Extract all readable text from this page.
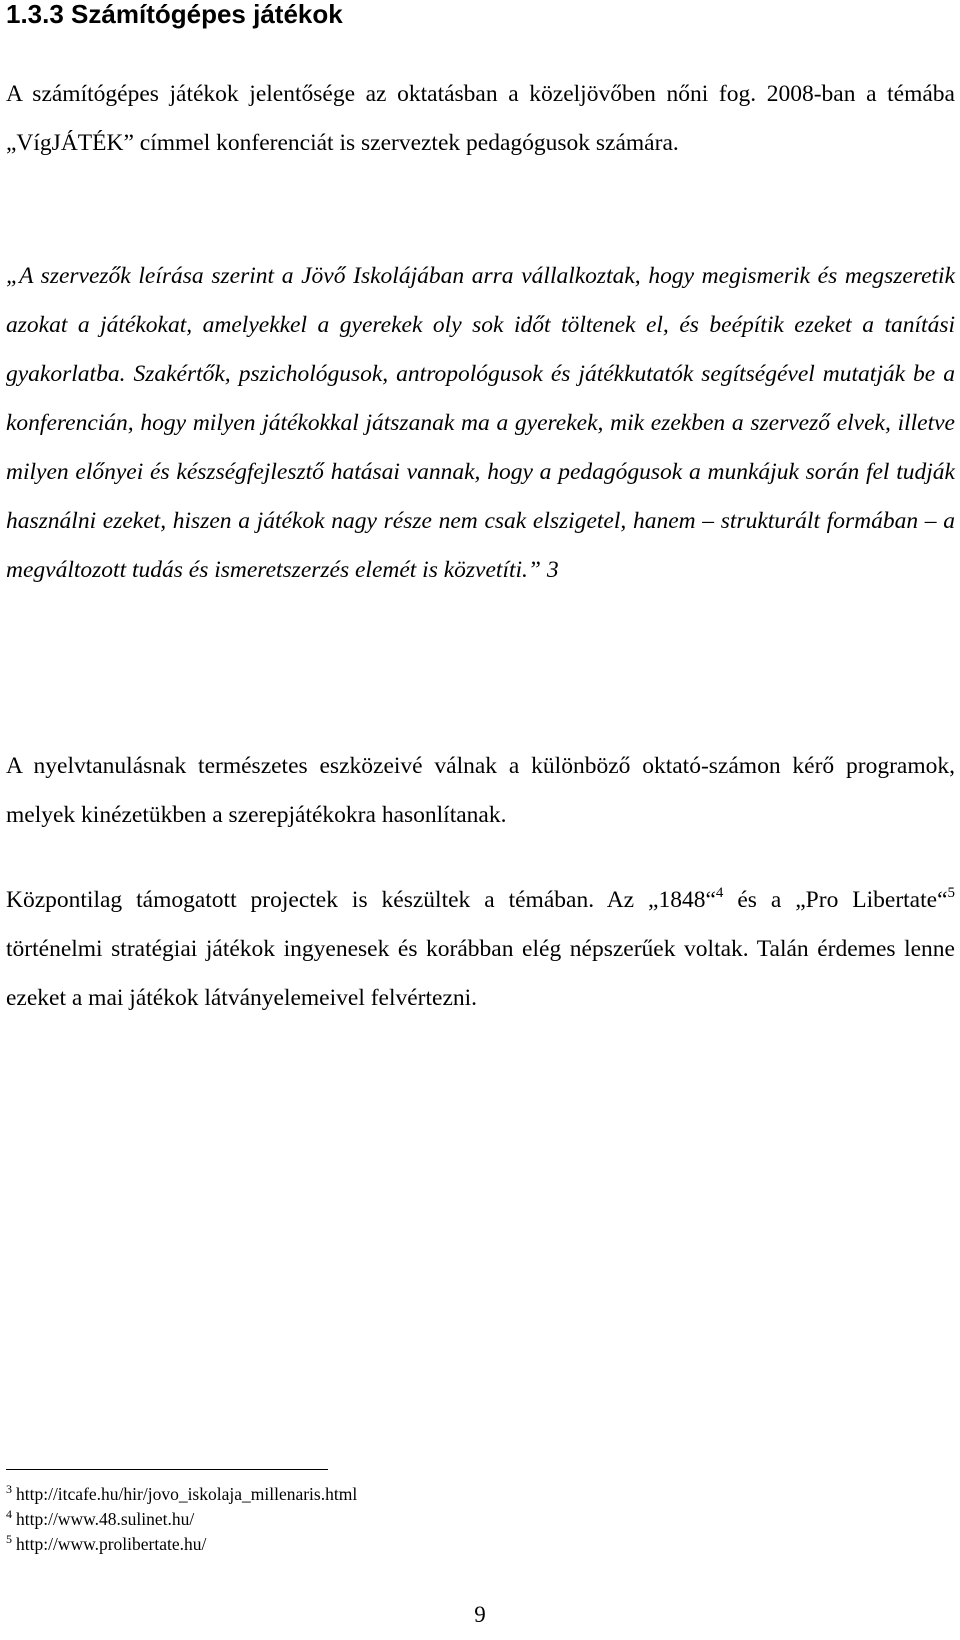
1.3.3 Számítógépes játékok

A számítógépes játékok jelentősége az oktatásban a közeljövőben nőni fog. 2008-ban a témába „VígJÁTÉK” címmel konferenciát is szerveztek pedagógusok számára.

„A szervezők leírása szerint a Jövő Iskolájában arra vállalkoztak, hogy megismerik és megszeretik azokat a játékokat, amelyekkel a gyerekek oly sok időt töltenek el, és beépítik ezeket a tanítási gyakorlatba. Szakértők, pszichológusok, antropológusok és játékkutatók segítségével mutatják be a konferencián, hogy milyen játékokkal játszanak ma a gyerekek, mik ezekben a szervező elvek, illetve milyen előnyei és készségfejlesztő hatásai vannak, hogy a pedagógusok a munkájuk során fel tudják használni ezeket, hiszen a játékok nagy része nem csak elszigetel, hanem – strukturált formában – a megváltozott tudás és ismeretszerzés elemét is közvetíti.” 3

A nyelvtanulásnak természetes eszközeivé válnak a különböző oktató-számon kérő programok, melyek kinézetükben a szerepjátékokra hasonlítanak.

Központilag támogatott projectek is készültek a témában. Az „1848“$^4$ és a „Pro Libertate“$^5$ történelmi stratégiai játékok ingyenesek és korábban elég népszerűek voltak. Talán érdemes lenne ezeket a mai játékok látványelemeivel felvértezni.

$^3$ http://itcafe.hu/hir/jovo_iskolaja_millenaris.html

$^4$ http://www.48.sulinet.hu/

$^5$ http://www.prolibertate.hu/

9
